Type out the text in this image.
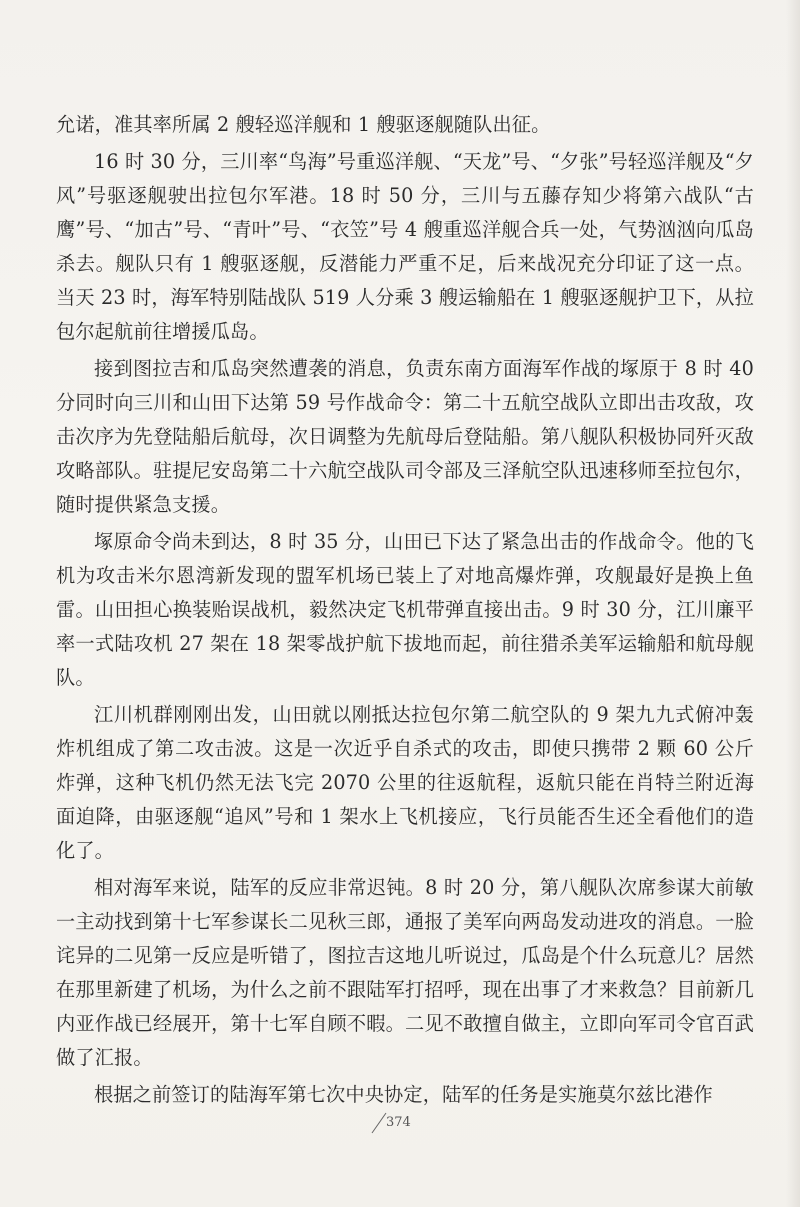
允诺，准其率所属 2 艘轻巡洋舰和 1 艘驱逐舰随队出征。

16 时 30 分，三川率“鸟海”号重巡洋舰、“天龙”号、“夕张”号轻巡洋舰及“夕风”号驱逐舰驶出拉包尔军港。18 时 50 分，三川与五藤存知少将第六战队“古鹰”号、“加古”号、“青叶”号、“衣笠”号 4 艘重巡洋舰合兵一处，气势汹汹向瓜岛杀去。舰队只有 1 艘驱逐舰，反潜能力严重不足，后来战况充分印证了这一点。当天 23 时，海军特别陆战队 519 人分乘 3 艘运输船在 1 艘驱逐舰护卫下，从拉包尔起航前往增援瓜岛。

接到图拉吉和瓜岛突然遭袭的消息，负责东南方面海军作战的塚原于 8 时 40 分同时向三川和山田下达第 59 号作战命令：第二十五航空战队立即出击攻敌，攻击次序为先登陆船后航母，次日调整为先航母后登陆船。第八舰队积极协同歼灭敌攻略部队。驻提尼安岛第二十六航空战队司令部及三泽航空队迅速移师至拉包尔，随时提供紧急支援。

塚原命令尚未到达，8 时 35 分，山田已下达了紧急出击的作战命令。他的飞机为攻击米尔恩湾新发现的盟军机场已装上了对地高爆炸弹，攻舰最好是换上鱼雷。山田担心换装贻误战机，毅然决定飞机带弹直接出击。9 时 30 分，江川廉平率一式陆攻机 27 架在 18 架零战护航下拔地而起，前往猎杀美军运输船和航母舰队。

江川机群刚刚出发，山田就以刚抵达拉包尔第二航空队的 9 架九九式俯冲轰炸机组成了第二攻击波。这是一次近乎自杀式的攻击，即使只携带 2 颗 60 公斤炸弹，这种飞机仍然无法飞完 2070 公里的往返航程，返航只能在肖特兰附近海面迫降，由驱逐舰“追风”号和 1 架水上飞机接应，飞行员能否生还全看他们的造化了。

相对海军来说，陆军的反应非常迟钝。8 时 20 分，第八舰队次席参谋大前敏一主动找到第十七军参谋长二见秋三郎，通报了美军向两岛发动进攻的消息。一脸诧异的二见第一反应是听错了，图拉吉这地儿听说过，瓜岛是个什么玩意儿？居然在那里新建了机场，为什么之前不跟陆军打招呼，现在出事了才来救急？目前新几内亚作战已经展开，第十七军自顾不暇。二见不敢擅自做主，立即向军司令官百武做了汇报。

根据之前签订的陆海军第七次中央协定，陆军的任务是实施莫尔兹比港作

374
